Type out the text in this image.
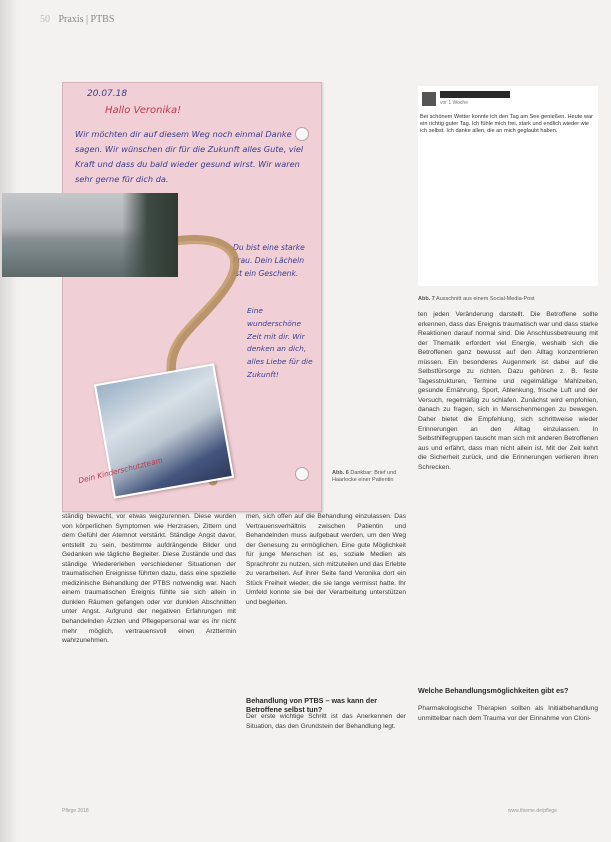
50 Praxis | PTBS
20.07.18
Hallo Veronika!
Wir möchten dir auf diesem Weg noch einmal Danke sagen. Wir wünschen dir für die Zukunft alles Gute, viel Kraft und dass du bald wieder gesund wirst. Wir waren sehr gerne für dich da.
Du bist eine starke Frau. Dein Lächeln ist ein Geschenk.
Eine wunderschöne Zeit mit dir. Wir denken an dich, alles Liebe für die Zukunft!
Dein Kinderschutzteam	Abb. 6 Dankbar: Brief und Haarlocke einer Patientin
vor 1 Woche
Bei schönem Wetter konnte ich den Tag am See genießen. Heute war ein richtig guter Tag. Ich fühle mich frei, stark und endlich wieder wie ich selbst. Ich danke allen, die an mich geglaubt haben.
Abb. 7 Ausschnitt aus einem Social-Media-Post
ständig bewacht, vor etwas wegzurennen. Diese wurden von körperlichen Symptomen wie Herzrasen, Zittern und dem Gefühl der Atemnot verstärkt. Ständige Angst davor, entstellt zu sein, bestimmte aufdrängende Bilder und Gedanken wie tägliche Begleiter. Diese Zustände und das ständige Wiedererleben verschiedener Situationen der traumatischen Ereignisse führten dazu, dass eine spezielle medizinische Behandlung der PTBS notwendig war. Nach einem traumatischen Ereignis fühlte sie sich allein in dunklen Räumen gefangen oder vor dunklen Abschnitten unter Angst. Aufgrund der negativen Erfahrungen mit behandelnden Ärzten und Pflegepersonal war es ihr nicht mehr möglich, vertrauensvoll einen Arzttermin wahrzunehmen.
men, sich offen auf die Behandlung einzulassen. Das Vertrauensverhältnis zwischen Patientin und Behandelnden muss aufgebaut werden, um den Weg der Genesung zu ermöglichen. Eine gute Möglichkeit für junge Menschen ist es, soziale Medien als Sprachrohr zu nutzen, sich mitzuteilen und das Erlebte zu verarbeiten. Auf ihrer Seite fand Veronika dort ein Stück Freiheit wieder, die sie lange vermisst hatte. Ihr Umfeld konnte sie bei der Verarbeitung unterstützen und begleiten.
Behandlung von PTBS – was kann der Betroffene selbst tun?
Der erste wichtige Schritt ist das Anerkennen der Situation, das den Grundstein der Behandlung legt.
ten jeden Veränderung darstellt. Die Betroffene sollte erkennen, dass das Ereignis traumatisch war und dass starke Reaktionen darauf normal sind. Die Anschlussbetreuung mit der Thematik erfordert viel Energie, weshalb sich die Betroffenen ganz bewusst auf den Alltag konzentrieren müssen. Ein besonderes Augenmerk ist dabei auf die Selbstfürsorge zu richten. Dazu gehören z. B. feste Tagesstrukturen, Termine und regelmäßige Mahlzeiten, gesunde Ernährung, Sport, Ablenkung, frische Luft und der Versuch, regelmäßig zu schlafen. Zunächst wird empfohlen, danach zu fragen, sich in Menschenmengen zu bewegen. Daher bietet die Empfehlung, sich schrittweise wieder Erinnerungen an den Alltag einzulassen. In Selbsthilfegruppen tauscht man sich mit anderen Betroffenen aus und erfährt, dass man nicht allein ist. Mit der Zeit kehrt die Sicherheit zurück, und die Erinnerungen verlieren ihren Schrecken.
Welche Behandlungsmöglichkeiten gibt es?
Pharmakologische Therapien sollten als Initialbehandlung unmittelbar nach dem Trauma vor der Einnahme von Cloni-
Pflege 2018	www.thieme.de/pflege
